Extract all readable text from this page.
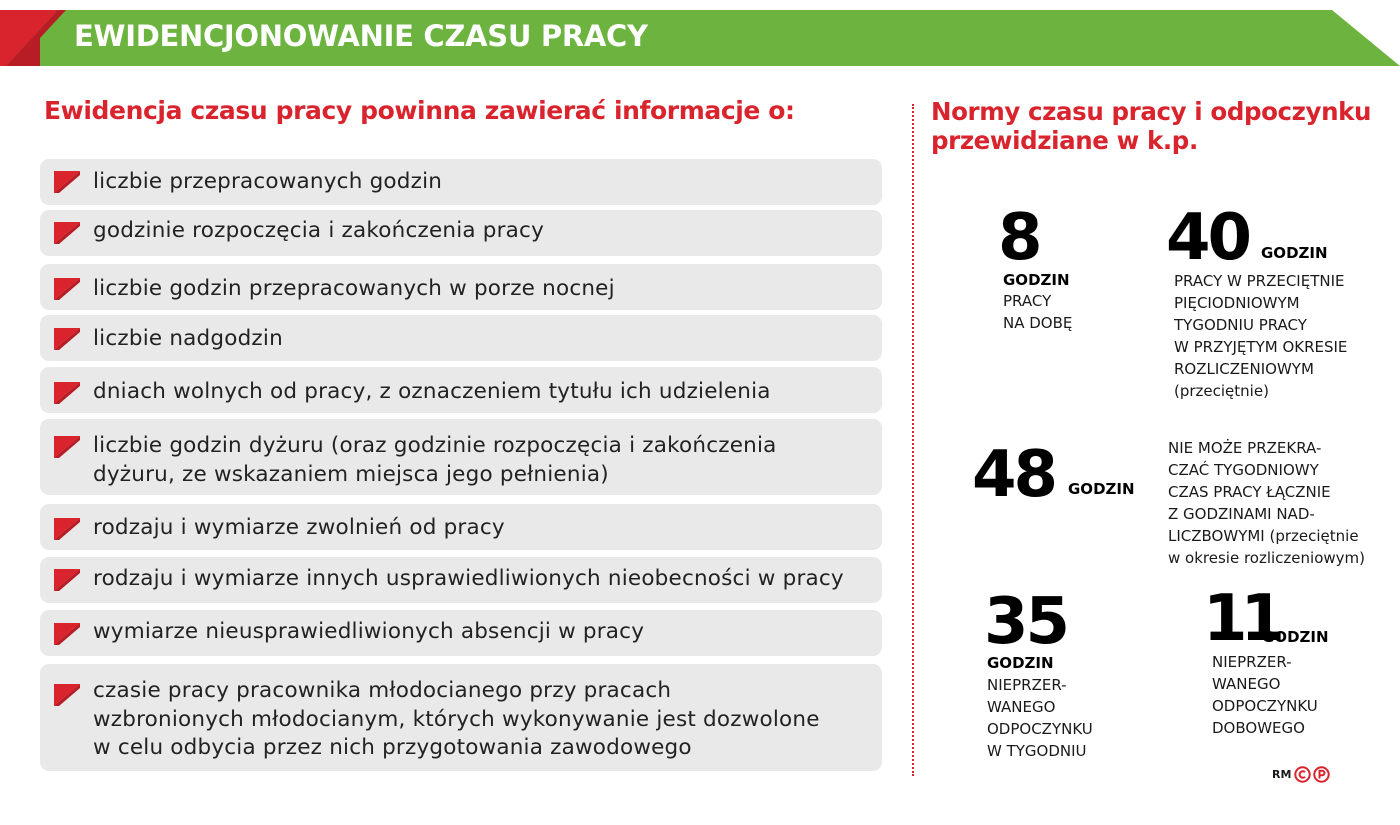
EWIDENCJONOWANIE CZASU PRACY
Ewidencja czasu pracy powinna zawierać informacje o:
liczbie przepracowanych godzin
godzinie rozpoczęcia i zakończenia pracy
liczbie godzin przepracowanych w porze nocnej
liczbie nadgodzin
dniach wolnych od pracy, z oznaczeniem tytułu ich udzielenia
liczbie godzin dyżuru (oraz godzinie rozpoczęcia i zakończenia
dyżuru, ze wskazaniem miejsca jego pełnienia)
rodzaju i wymiarze zwolnień od pracy
rodzaju i wymiarze innych usprawiedliwionych nieobecności w pracy
wymiarze nieusprawiedliwionych absencji w pracy
czasie pracy pracownika młodocianego przy pracach
wzbronionych młodocianym, których wykonywanie jest dozwolone
w celu odbycia przez nich przygotowania zawodowego
Normy czasu pracy i odpoczynku
przewidziane w k.p.
8
GODZIN
PRACY
NA DOBĘ
40 GODZIN
PRACY W PRZECIĘTNIE
PIĘCIODNIOWYM
TYGODNIU PRACY
W PRZYJĘTYM OKRESIE
ROZLICZENIOWYM
(przeciętnie)
48 GODZIN
NIE MOŻE PRZEKRA-
CZAĆ TYGODNIOWY
CZAS PRACY ŁĄCZNIE
Z GODZINAMI NAD-
LICZBOWYMI (przeciętnie
w okresie rozliczeniowym)
35
GODZIN
NIEPRZER-
WANEGO
ODPOCZYNKU
W TYGODNIU
11
GODZIN
NIEPRZER-
WANEGO
ODPOCZYNKU
DOBOWEGO
RM
